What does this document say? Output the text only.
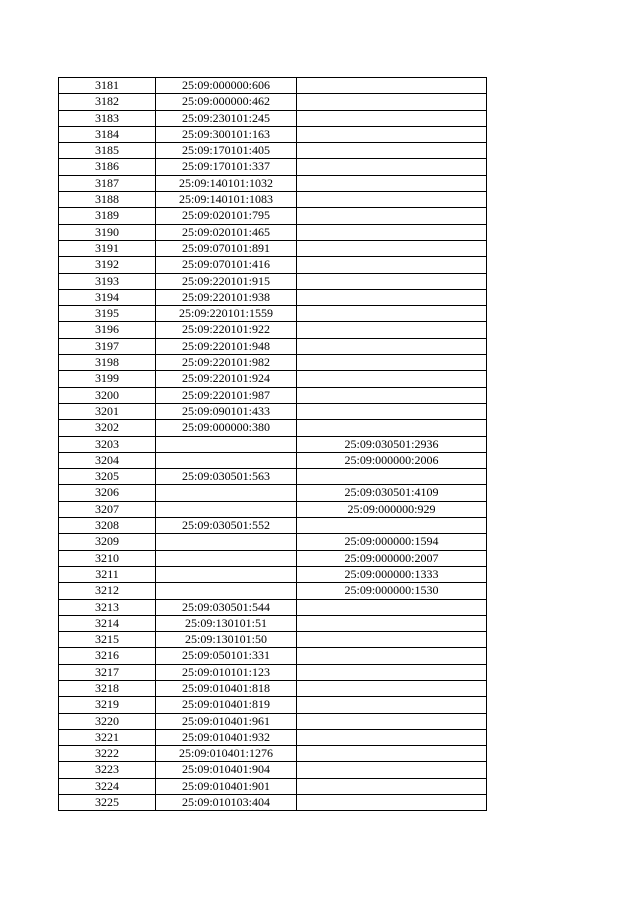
3181	25:09:000000:606	
3182	25:09:000000:462	
3183	25:09:230101:245	
3184	25:09:300101:163	
3185	25:09:170101:405	
3186	25:09:170101:337	
3187	25:09:140101:1032	
3188	25:09:140101:1083	
3189	25:09:020101:795	
3190	25:09:020101:465	
3191	25:09:070101:891	
3192	25:09:070101:416	
3193	25:09:220101:915	
3194	25:09:220101:938	
3195	25:09:220101:1559	
3196	25:09:220101:922	
3197	25:09:220101:948	
3198	25:09:220101:982	
3199	25:09:220101:924	
3200	25:09:220101:987	
3201	25:09:090101:433	
3202	25:09:000000:380	
3203		25:09:030501:2936
3204		25:09:000000:2006
3205	25:09:030501:563	
3206		25:09:030501:4109
3207		25:09:000000:929
3208	25:09:030501:552	
3209		25:09:000000:1594
3210		25:09:000000:2007
3211		25:09:000000:1333
3212		25:09:000000:1530
3213	25:09:030501:544	
3214	25:09:130101:51	
3215	25:09:130101:50	
3216	25:09:050101:331	
3217	25:09:010101:123	
3218	25:09:010401:818	
3219	25:09:010401:819	
3220	25:09:010401:961	
3221	25:09:010401:932	
3222	25:09:010401:1276	
3223	25:09:010401:904	
3224	25:09:010401:901	
3225	25:09:010103:404	
